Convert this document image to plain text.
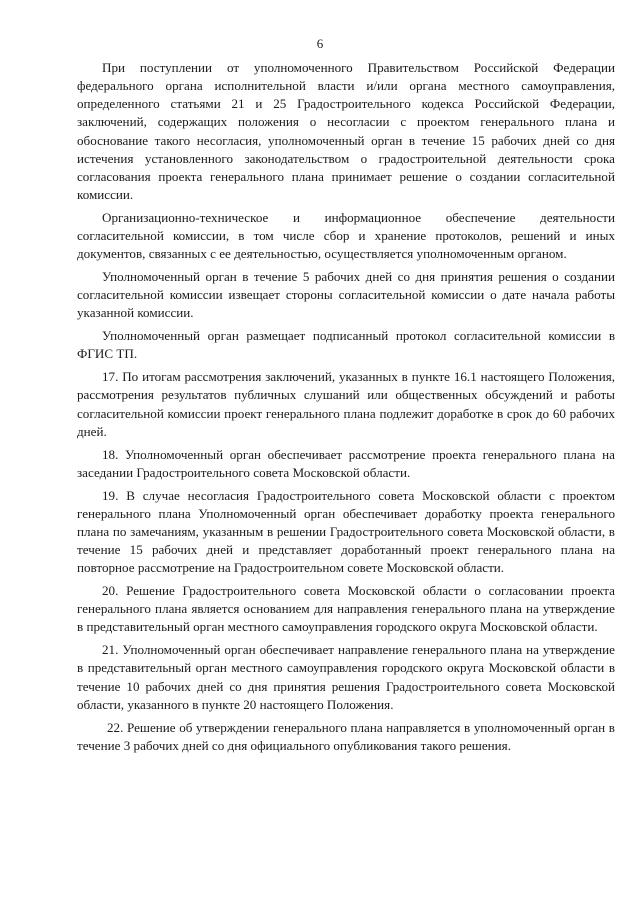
6

При поступлении от уполномоченного Правительством Российской Федерации федерального органа исполнительной власти и/или органа местного самоуправления, определенного статьями 21 и 25 Градостроительного кодекса Российской Федерации, заключений, содержащих положения о несогласии с проектом генерального плана и обоснование такого несогласия, уполномоченный орган в течение 15 рабочих дней со дня истечения установленного законодательством о градостроительной деятельности срока согласования проекта генерального плана принимает решение о создании согласительной комиссии.

Организационно-техническое и информационное обеспечение деятельности согласительной комиссии, в том числе сбор и хранение протоколов, решений и иных документов, связанных с ее деятельностью, осуществляется уполномоченным органом.

Уполномоченный орган в течение 5 рабочих дней со дня принятия решения о создании согласительной комиссии извещает стороны согласительной комиссии о дате начала работы указанной комиссии.

Уполномоченный орган размещает подписанный протокол согласительной комиссии в ФГИС ТП.

17. По итогам рассмотрения заключений, указанных в пункте 16.1 настоящего Положения, рассмотрения результатов публичных слушаний или общественных обсуждений и работы согласительной комиссии проект генерального плана подлежит доработке в срок до 60 рабочих дней.

18. Уполномоченный орган обеспечивает рассмотрение проекта генерального плана на заседании Градостроительного совета Московской области.

19. В случае несогласия Градостроительного совета Московской области с проектом генерального плана Уполномоченный орган обеспечивает доработку проекта генерального плана по замечаниям, указанным в решении Градостроительного совета Московской области, в течение 15 рабочих дней и представляет доработанный проект генерального плана на повторное рассмотрение на Градостроительном совете Московской области.

20. Решение Градостроительного совета Московской области о согласовании проекта генерального плана является основанием для направления генерального плана на утверждение в представительный орган местного самоуправления городского округа Московской области.

21. Уполномоченный орган обеспечивает направление генерального плана на утверждение в представительный орган местного самоуправления городского округа Московской области в течение 10 рабочих дней со дня принятия решения Градостроительного совета Московской области, указанного в пункте 20 настоящего Положения.

22. Решение об утверждении генерального плана направляется в уполномоченный орган в течение 3 рабочих дней со дня официального опубликования такого решения.
